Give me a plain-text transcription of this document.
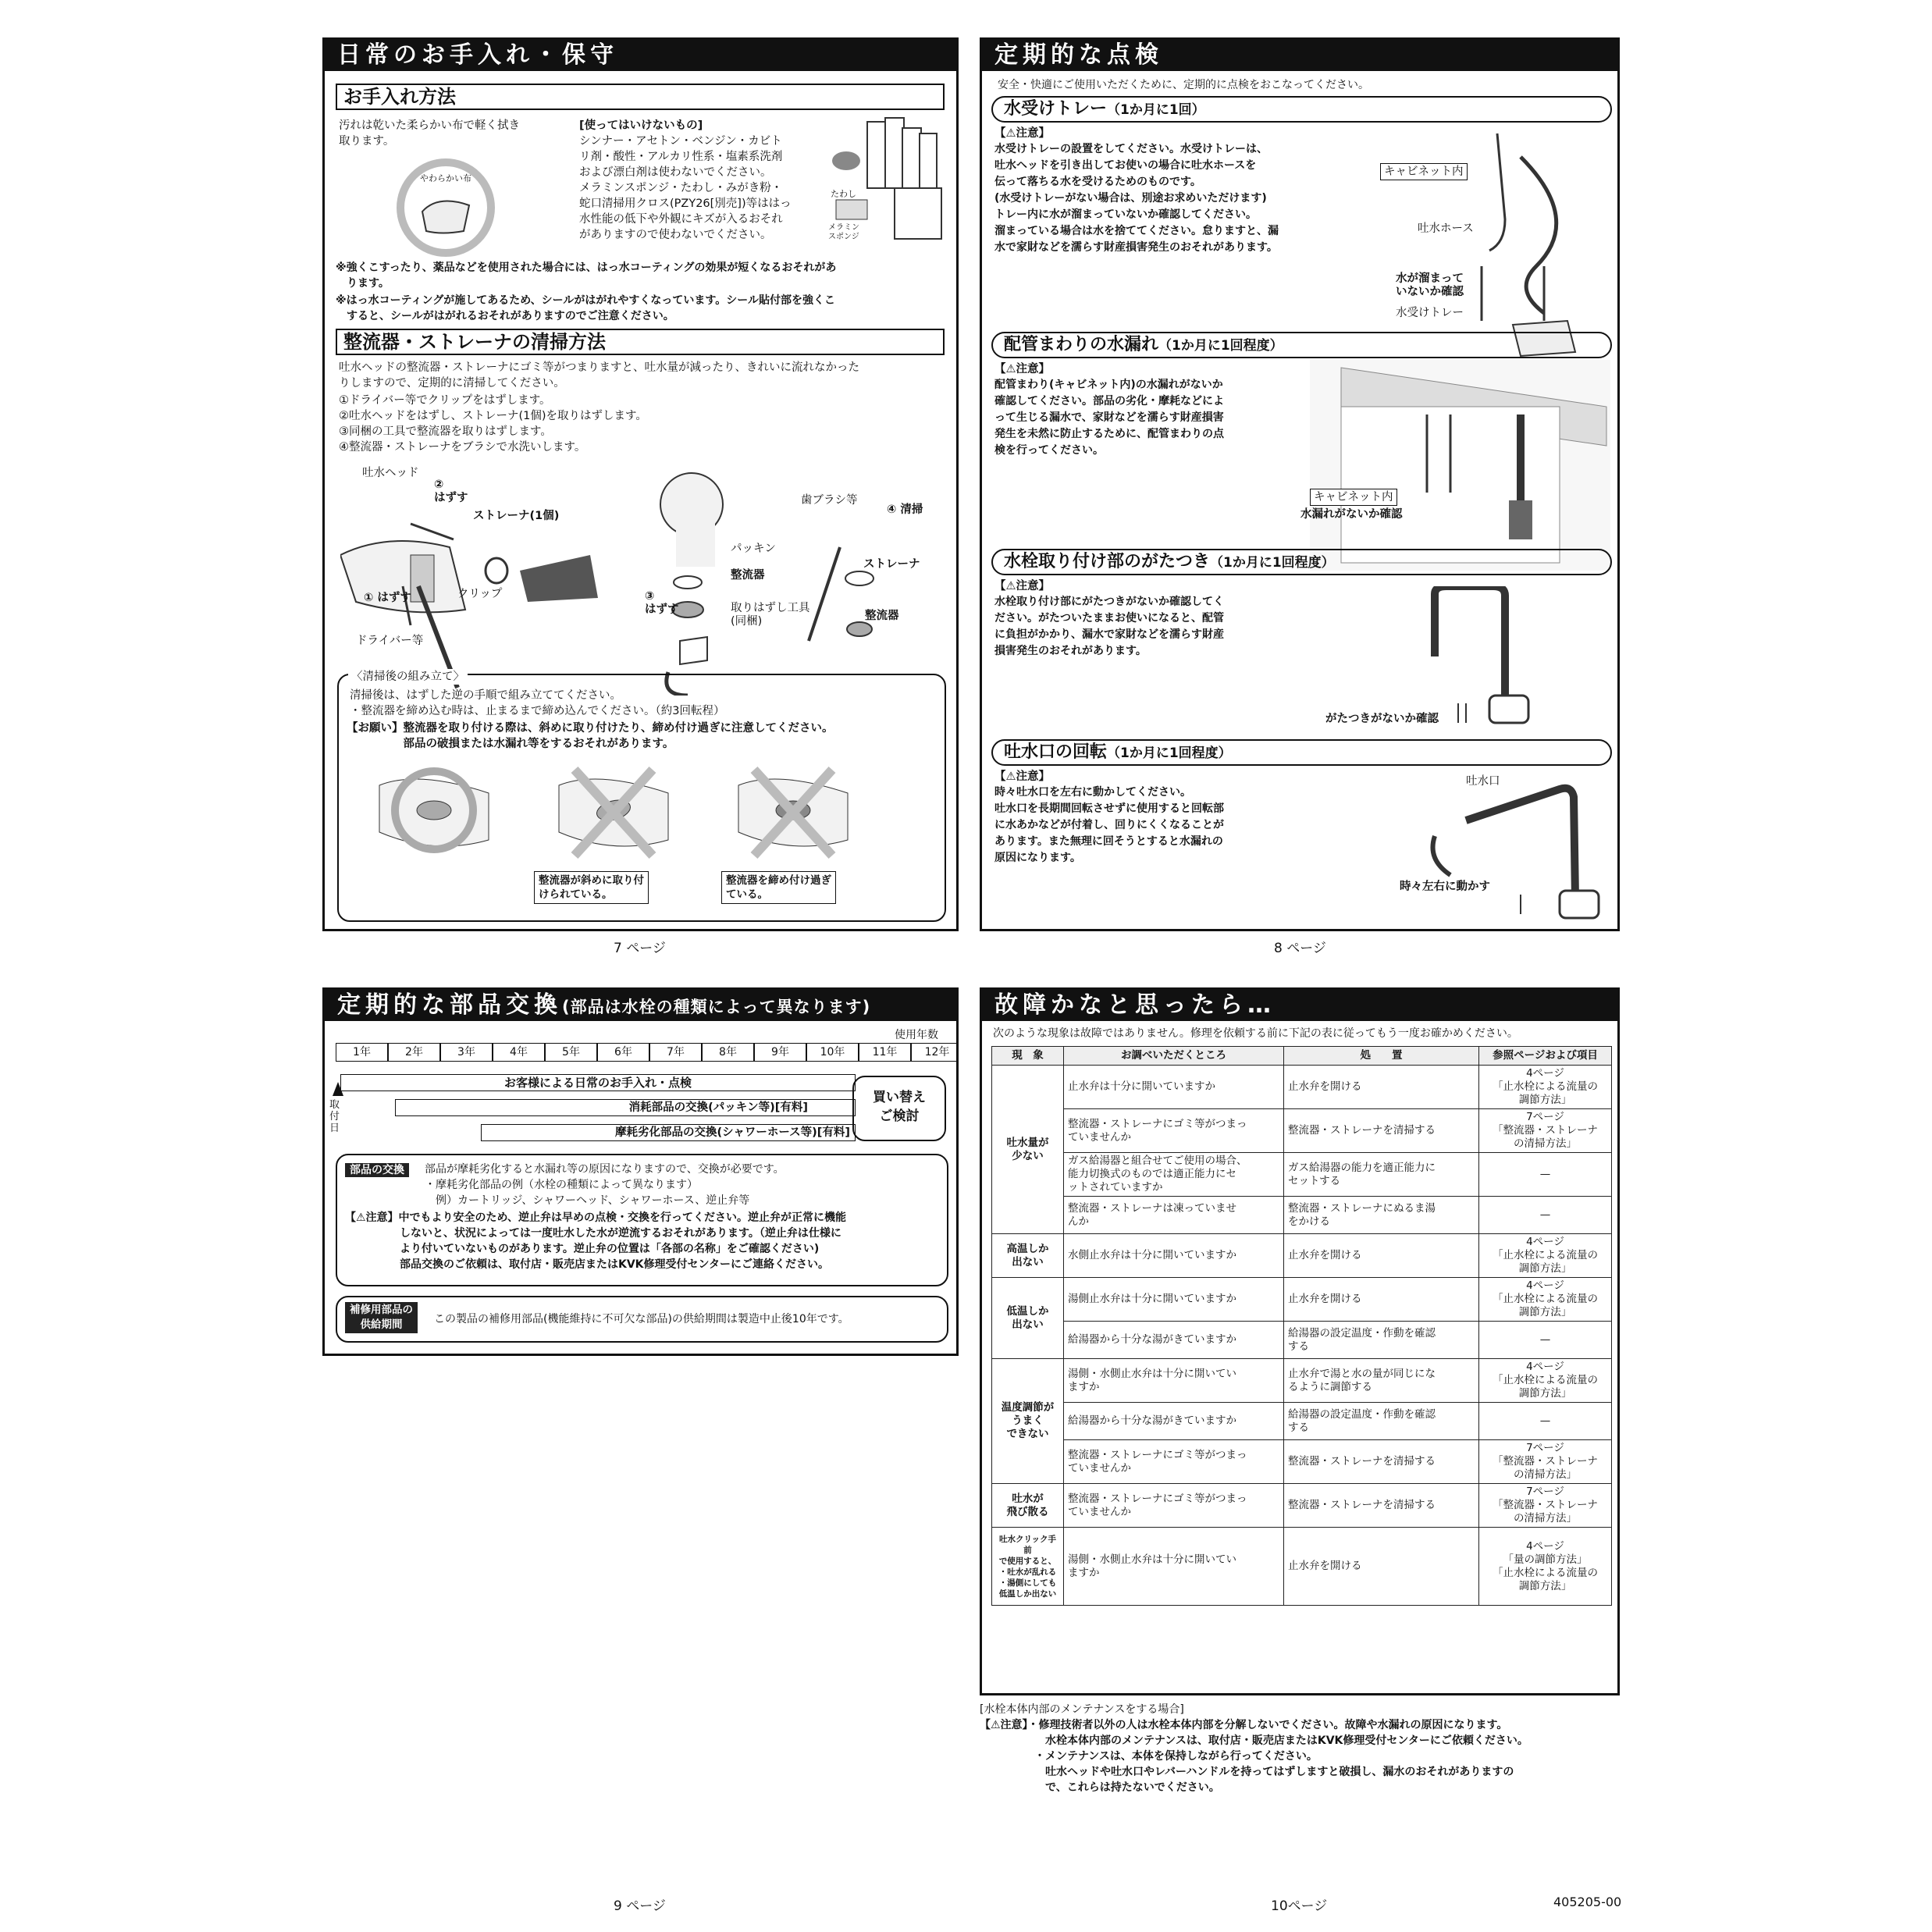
日常のお手入れ・保守
お手入れ方法
汚れは乾いた柔らかい布で軽く拭き
取ります。
やわらかい布
[使ってはいけないもの]
シンナー・アセトン・ベンジン・カビト
リ剤・酸性・アルカリ性系・塩素系洗剤
および漂白剤は使わないでください。
メラミンスポンジ・たわし・みがき粉・
蛇口清掃用クロス(PZY26[別売])等ははっ
水性能の低下や外観にキズが入るおそれ
がありますので使わないでください。
たわし
メラミン
スポンジ
※強くこすったり、薬品などを使用された場合には、はっ水コーティングの効果が短くなるおそれがあ
　ります。
※はっ水コーティングが施してあるため、シールがはがれやすくなっています。シール貼付部を強くこ
　すると、シールがはがれるおそれがありますのでご注意ください。
整流器・ストレーナの清掃方法
吐水ヘッドの整流器・ストレーナにゴミ等がつまりますと、吐水量が減ったり、きれいに流れなかった
りしますので、定期的に清掃してください。
①ドライバー等でクリップをはずします。
②吐水ヘッドをはずし、ストレーナ(1個)を取りはずします。
③同梱の工具で整流器を取りはずします。
④整流器・ストレーナをブラシで水洗いします。
吐水ヘッド
②
はずす
ストレーナ(1個)
① はずす	クリップ
ドライバー等
パッキン
整流器
③
はずす	取りはずし工具
(同梱)
歯ブラシ等
④ 清掃
ストレーナ
整流器
〈清掃後の組み立て〉
清掃後は、はずした逆の手順で組み立ててください。
・整流器を締め込む時は、止まるまで締め込んでください。（約3回転程）
【お願い】整流器を取り付ける際は、斜めに取り付けたり、締め付け過ぎに注意してください。
　　　　　部品の破損または水漏れ等をするおそれがあります。
整流器が斜めに取り付
けられている。
整流器を締め付け過ぎ
ている。
7 ページ
定期的な点検
安全・快適にご使用いただくために、定期的に点検をおこなってください。
水受けトレー（1か月に1回）
【⚠注意】
水受けトレーの設置をしてください。水受けトレーは、
吐水ヘッドを引き出してお使いの場合に吐水ホースを
伝って落ちる水を受けるためのものです。
(水受けトレーがない場合は、別途お求めいただけます)
トレー内に水が溜まっていないか確認してください。
溜まっている場合は水を捨ててください。怠りますと、漏
水で家財などを濡らす財産損害発生のおそれがあります。
キャビネット内
吐水ホース
水が溜まって
いないか確認
水受けトレー
配管まわりの水漏れ（1か月に1回程度）
【⚠注意】
配管まわり(キャビネット内)の水漏れがないか
確認してください。部品の劣化・摩耗などによ
って生じる漏水で、家財などを濡らす財産損害
発生を未然に防止するために、配管まわりの点
検を行ってください。
キャビネット内
水漏れがないか確認
水栓取り付け部のがたつき（1か月に1回程度）
【⚠注意】
水栓取り付け部にがたつきがないか確認してく
ださい。がたついたままお使いになると、配管
に負担がかかり、漏水で家財などを濡らす財産
損害発生のおそれがあります。
がたつきがないか確認
吐水口の回転（1か月に1回程度）
【⚠注意】
時々吐水口を左右に動かしてください。
吐水口を長期間回転させずに使用すると回転部
に水あかなどが付着し、回りにくくなることが
あります。また無理に回そうとすると水漏れの
原因になります。
吐水口
時々左右に動かす
8 ページ
定期的な部品交換(部品は水栓の種類によって異なります)
使用年数
1年	2年	3年	4年	5年	6年	7年	8年	9年	10年	11年	12年
取
付
日
お客様による日常のお手入れ・点検
消耗部品の交換(パッキン等)[有料]
摩耗劣化部品の交換(シャワーホース等)[有料]
買い替え
ご検討
部品の交換	部品が摩耗劣化すると水漏れ等の原因になりますので、交換が必要です。
・摩耗劣化部品の例（水栓の種類によって異なります）
　例）カートリッジ、シャワーヘッド、シャワーホース、逆止弁等
【⚠注意】中でもより安全のため、逆止弁は早めの点検・交換を行ってください。逆止弁が正常に機能
　　　　　しないと、状況によっては一度吐水した水が逆流するおそれがあります。（逆止弁は仕様に
　　　　　より付いていないものがあります。逆止弁の位置は「各部の名称」をご確認ください)
　　　　　部品交換のご依頼は、取付店・販売店またはKVK修理受付センターにご連絡ください。
補修用部品の
供給期間	この製品の補修用部品(機能維持に不可欠な部品)の供給期間は製造中止後10年です。
9 ページ
故障かなと思ったら…
次のような現象は故障ではありません。修理を依頼する前に下記の表に従ってもう一度お確かめください。
現　象	お調べいただくところ	処　　置	参照ページおよび項目
吐水量が
少ない	止水弁は十分に開いていますか	止水弁を開ける	4ページ
「止水栓による流量の
調節方法」
	整流器・ストレーナにゴミ等がつまっ
ていませんか	整流器・ストレーナを清掃する	7ページ
「整流器・ストレーナ
の清掃方法」
	ガス給湯器と組合せてご使用の場合、
能力切換式のものでは適正能力にセ
ットされていますか	ガス給湯器の能力を適正能力に
セットする	—
	整流器・ストレーナは凍っていませ
んか	整流器・ストレーナにぬるま湯
をかける	—
高温しか
出ない	水側止水弁は十分に開いていますか	止水弁を開ける	4ページ
「止水栓による流量の
調節方法」
低温しか
出ない	湯側止水弁は十分に開いていますか	止水弁を開ける	4ページ
「止水栓による流量の
調節方法」
	給湯器から十分な湯がきていますか	給湯器の設定温度・作動を確認
する	—
温度調節が
うまく
できない	湯側・水側止水弁は十分に開いてい
ますか	止水弁で湯と水の量が同じにな
るように調節する	4ページ
「止水栓による流量の
調節方法」
	給湯器から十分な湯がきていますか	給湯器の設定温度・作動を確認
する	—
	整流器・ストレーナにゴミ等がつまっ
ていませんか	整流器・ストレーナを清掃する	7ページ
「整流器・ストレーナ
の清掃方法」
吐水が
飛び散る	整流器・ストレーナにゴミ等がつまっ
ていませんか	整流器・ストレーナを清掃する	7ページ
「整流器・ストレーナ
の清掃方法」
吐水クリック手前
で使用すると、
・吐水が乱れる
・湯側にしても
低温しか出ない	湯側・水側止水弁は十分に開いてい
ますか	止水弁を開ける	4ページ
「量の調節方法」
「止水栓による流量の
調節方法」
[水栓本体内部のメンテナンスをする場合]
【⚠注意】・修理技術者以外の人は水栓本体内部を分解しないでください。故障や水漏れの原因になります。
　　　　　　水栓本体内部のメンテナンスは、取付店・販売店またはKVK修理受付センターにご依頼ください。
　　　　　・メンテナンスは、本体を保持しながら行ってください。
　　　　　　吐水ヘッドや吐水口やレバーハンドルを持ってはずしますと破損し、漏水のおそれがありますの
　　　　　　で、これらは持たないでください。
10ページ	405205-00
